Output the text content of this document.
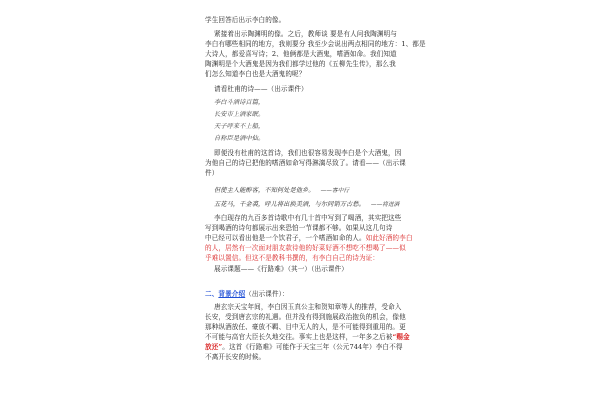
学生回答后出示李白的像。
紧接着出示陶渊明的像。之后，教师谈 要是有人问我陶渊明与
李白有哪些相同的地方，我则要分 我至少会说出两点相同的地方：1、都是
大诗人，都爱喜写诗；2、他俩都是大酒鬼，嗜酒如命。我们知道
陶渊明是个大酒鬼是因为我们都学过他的《五柳先生传》，那么我
们怎么知道李白也是大酒鬼的呢？
请看杜甫的诗——（出示课件）
李白斗酒诗百篇，
长安市上酒家眠。
天子呼来不上船，
自称臣是酒中仙。
即便没有杜甫的这首诗，我们也很容易发现李白是个大酒鬼，因
为他自己的诗已把他的嗜酒如命写得淋漓尽致了。请看——（出示课
件）
但使主人能醉客，不知何处是他乡。 ——客中行
五花马，千金裘，呼儿将出换美酒，与尔同销万古愁。 ——将进酒
李白现存的九百多首诗歌中有几十首中写到了喝酒，其实把这些
写到喝酒的诗句都展示出来恐怕一节课都不够。如果从这几句诗
中已经可以看出他是一个饮君子，一个嗜酒如命的人。如此好酒的李白
的人，居然有一次面对朋友款待他的好菜好酒不想吃不想喝了——似
乎难以置信。但这不是教科书撰的，有李白自己的诗为证：
展示课题——《行路难》（其一）（出示课件）
二、背景介绍（出示课件）：
唐玄宗天宝年间，李白因玉真公主和贺知章等人的推荐，受命入
长安，受到唐玄宗的礼遇。但并没有得到施展政治抱负的机会，像他
那种纵酒放任、豪放不羁、目中无人的人，是不可能得到重用的。更
不可能与高官大臣长久地交往。事实上也是这样，一年多之后被“赐金
放还”。这首《行路难》可能作于天宝三年（公元744年）李白不得
不离开长安的时候。
